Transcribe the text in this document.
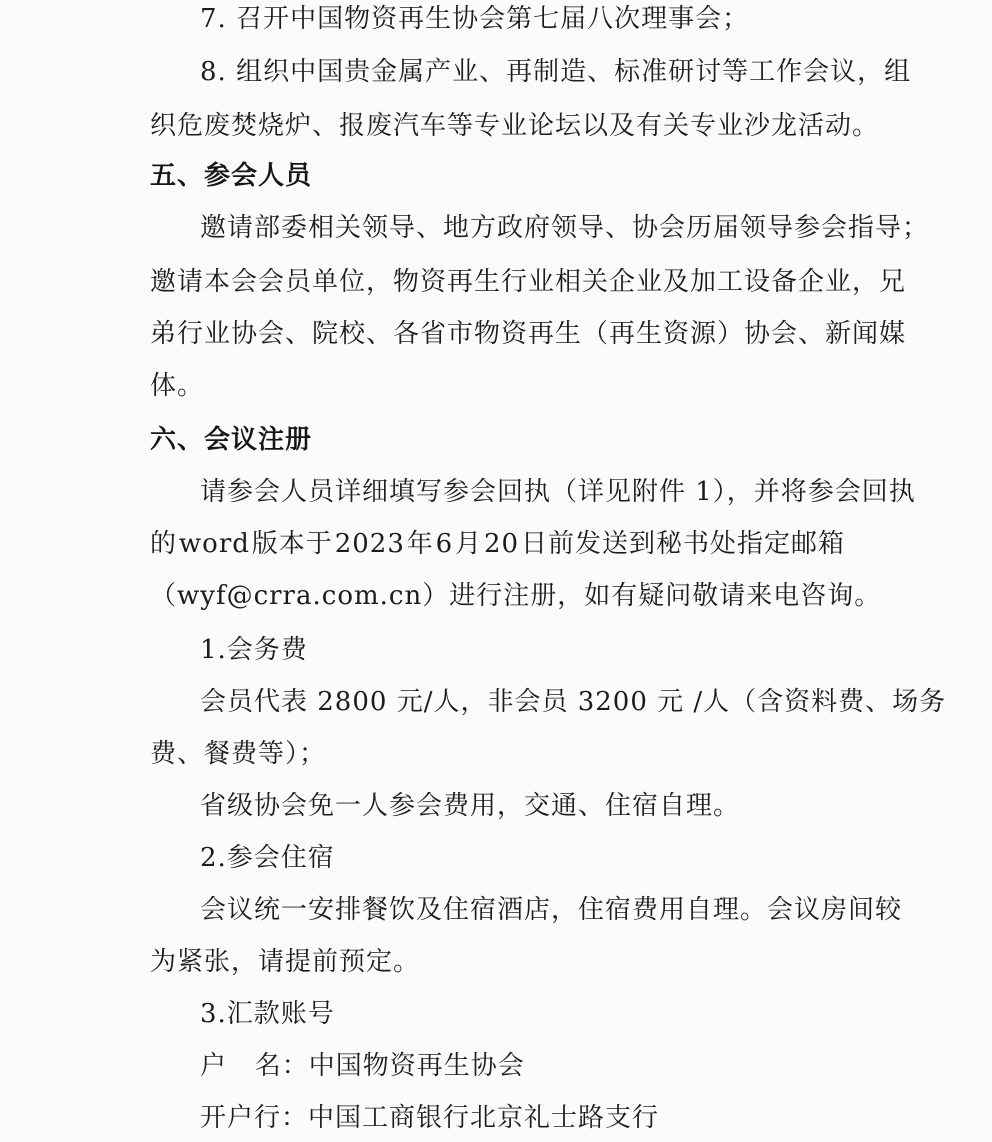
7. 召开中国物资再生协会第七届八次理事会；
8. 组织中国贵金属产业、再制造、标准研讨等工作会议，组
织危废焚烧炉、报废汽车等专业论坛以及有关专业沙龙活动。
五、参会人员
邀请部委相关领导、地方政府领导、协会历届领导参会指导；
邀请本会会员单位，物资再生行业相关企业及加工设备企业，兄
弟行业协会、院校、各省市物资再生（再生资源）协会、新闻媒
体。
六、会议注册
请参会人员详细填写参会回执（详见附件 1），并将参会回执
的 word 版本于 2023 年 6 月 20 日前发送到秘书处指定邮箱
（wyf@crra.com.cn）进行注册，如有疑问敬请来电咨询。
1.会务费
会员代表 2800 元/人，非会员 3200 元 /人（含资料费、场务
费、餐费等）；
省级协会免一人参会费用，交通、住宿自理。
2.参会住宿
会议统一安排餐饮及住宿酒店，住宿费用自理。会议房间较
为紧张，请提前预定。
3.汇款账号
户   名：中国物资再生协会
开户行：中国工商银行北京礼士路支行
